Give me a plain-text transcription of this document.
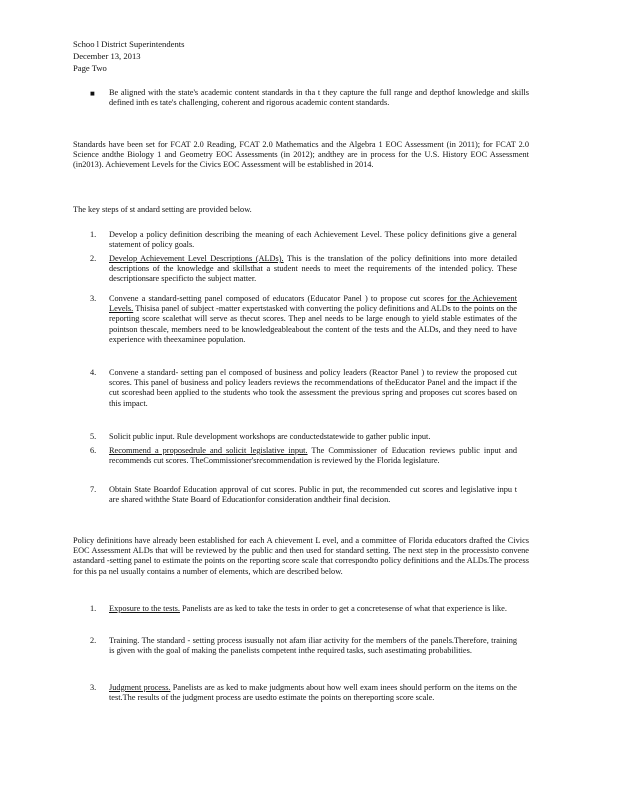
Schoo l District Superintendents
December 13, 2013
Page Two
■ Be aligned with the state's academic content standards in tha t they capture the full range and depthof knowledge and skills defined inth es tate's challenging, coherent and rigorous academic content standards.
Standards have been set for FCAT 2.0 Reading, FCAT 2.0 Mathematics and the Algebra 1 EOC Assessment (in 2011); for FCAT 2.0 Science andthe Biology 1 and Geometry EOC Assessments (in 2012); andthey are in process for the U.S. History EOC Assessment (in2013). Achievement Levels for the Civics EOC Assessment will be established in 2014.
The key steps of st andard setting are provided below.
1. Develop a policy definition describing the meaning of each Achievement Level. These policy definitions give a general statement of policy goals.
2. Develop Achievement Level Descriptions (ALDs). This is the translation of the policy definitions into more detailed descriptions of the knowledge and skillsthat a student needs to meet the requirements of the intended policy. These descriptionsare specificto the subject matter.
3. Convene a standard-setting panel composed of educators (Educator Panel ) to propose cut scores for the Achievement Levels. Thisisa panel of subject -matter expertstasked with converting the policy definitions and ALDs to the points on the reporting score scalethat will serve as thecut scores. Thep anel needs to be large enough to yield stable estimates of the pointson thescale, members need to be knowledgeableabout the content of the tests and the ALDs, and they need to have experience with theexaminee population.
4. Convene a standard- setting pan el composed of business and policy leaders (Reactor Panel ) to review the proposed cut scores. This panel of business and policy leaders reviews the recommendations of theEducator Panel and the impact if the cut scoreshad been applied to the students who took the assessment the previous spring and proposes cut scores based on this impact.
5. Solicit public input. Rule development workshops are conductedstatewide to gather public input.
6. Recommend a proposedrule and solicit legislative input. The Commissioner of Education reviews public input and recommends cut scores. TheCommissioner'srecommendation is reviewed by the Florida legislature.
7. Obtain State Boardof Education approval of cut scores. Public in put, the recommended cut scores and legislative inpu t are shared withthe State Board of Educationfor consideration andtheir final decision.
Policy definitions have already been established for each A chievement L evel, and a committee of Florida educators drafted the Civics EOC Assessment ALDs that will be reviewed by the public and then used for standard setting. The next step in the processisto convene astandard -setting panel to estimate the points on the reporting score scale that correspondto policy definitions and the ALDs.The process for this pa nel usually contains a number of elements, which are described below.
1. Exposure to the tests. Panelists are as ked to take the tests in order to get a concretesense of what that experience is like.
2. Training. The standard - setting process isusually not afam iliar activity for the members of the panels.Therefore, training is given with the goal of making the panelists competent inthe required tasks, such asestimating probabilities.
3. Judgment process. Panelists are as ked to make judgments about how well exam inees should perform on the items on the test.The results of the judgment process are usedto estimate the points on thereporting score scale.
